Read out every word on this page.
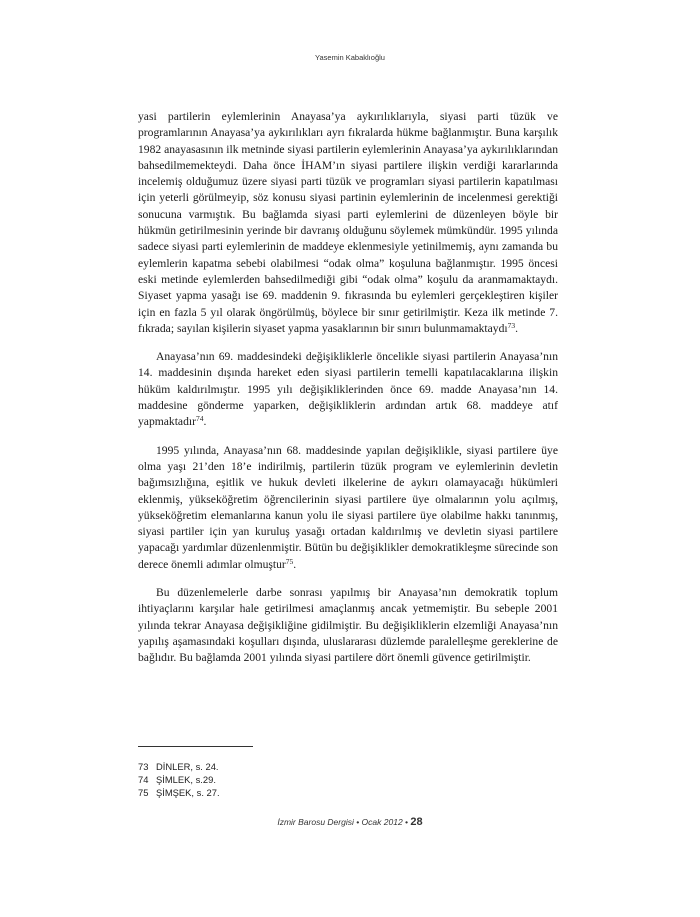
Yasemin Kabaklıoğlu

yasi partilerin eylemlerinin Anayasa’ya aykırılıklarıyla, siyasi parti tüzük ve programlarının Anayasa’ya aykırılıkları ayrı fıkralarda hükme bağlanmıştır. Buna karşılık 1982 anayasasının ilk metninde siyasi partilerin eylemlerinin Anayasa’ya aykırılıklarından bahsedilmemekteydi. Daha önce İHAM’ın siyasi partilere ilişkin verdiği kararlarında incelemiş olduğumuz üzere siyasi parti tüzük ve programları siyasi partilerin kapatılması için yeterli görülmeyip, söz konusu siyasi partinin eylemlerinin de incelenmesi gerektiği sonucuna varmıştık. Bu bağlamda siyasi parti eylemlerini de düzenleyen böyle bir hükmün getirilmesinin yerinde bir davranış olduğunu söylemek mümkündür. 1995 yılında sadece siyasi parti eylemlerinin de maddeye eklenmesiyle yetinilmemiş, aynı zamanda bu eylemlerin kapatma sebebi olabilmesi “odak olma” koşuluna bağlanmıştır. 1995 öncesi eski metinde eylemlerden bahsedilmediği gibi “odak olma” koşulu da aranmamaktaydı. Siyaset yapma yasağı ise 69. maddenin 9. fıkrasında bu eylemleri gerçekleştiren kişiler için en fazla 5 yıl olarak öngörülmüş, böylece bir sınır getirilmiştir. Keza ilk metinde 7. fıkrada; sayılan kişilerin siyaset yapma yasaklarının bir sınırı bulunmamaktaydı$^{73}$.

Anayasa’nın 69. maddesindeki değişikliklerle öncelikle siyasi partilerin Anayasa’nın 14. maddesinin dışında hareket eden siyasi partilerin temelli kapatılacaklarına ilişkin hüküm kaldırılmıştır. 1995 yılı değişikliklerinden önce 69. madde Anayasa’nın 14. maddesine gönderme yaparken, değişikliklerin ardından artık 68. maddeye atıf yapmaktadır$^{74}$.

1995 yılında, Anayasa’nın 68. maddesinde yapılan değişiklikle, siyasi partilere üye olma yaşı 21’den 18’e indirilmiş, partilerin tüzük program ve eylemlerinin devletin bağımsızlığına, eşitlik ve hukuk devleti ilkelerine de aykırı olamayacağı hükümleri eklenmiş, yükseköğretim öğrencilerinin siyasi partilere üye olmalarının yolu açılmış, yükseköğretim elemanlarına kanun yolu ile siyasi partilere üye olabilme hakkı tanınmış, siyasi partiler için yan kuruluş yasağı ortadan kaldırılmış ve devletin siyasi partilere yapacağı yardımlar düzenlenmiştir. Bütün bu değişiklikler demokratikleşme sürecinde son derece önemli adımlar olmuştur$^{75}$.

Bu düzenlemelerle darbe sonrası yapılmış bir Anayasa’nın demokratik toplum ihtiyaçlarını karşılar hale getirilmesi amaçlanmış ancak yetmemiştir. Bu sebeple 2001 yılında tekrar Anayasa değişikliğine gidilmiştir. Bu değişikliklerin elzemliği Anayasa’nın yapılış aşamasındaki koşulları dışında, uluslararası düzlemde paralelleşme gereklerine de bağlıdır. Bu bağlamda 2001 yılında siyasi partilere dört önemli güvence getirilmiştir.

73 DİNLER, s. 24.
74 ŞİMLEK, s.29.
75 ŞİMŞEK, s. 27.
İzmir Barosu Dergisi • Ocak 2012 • 28
